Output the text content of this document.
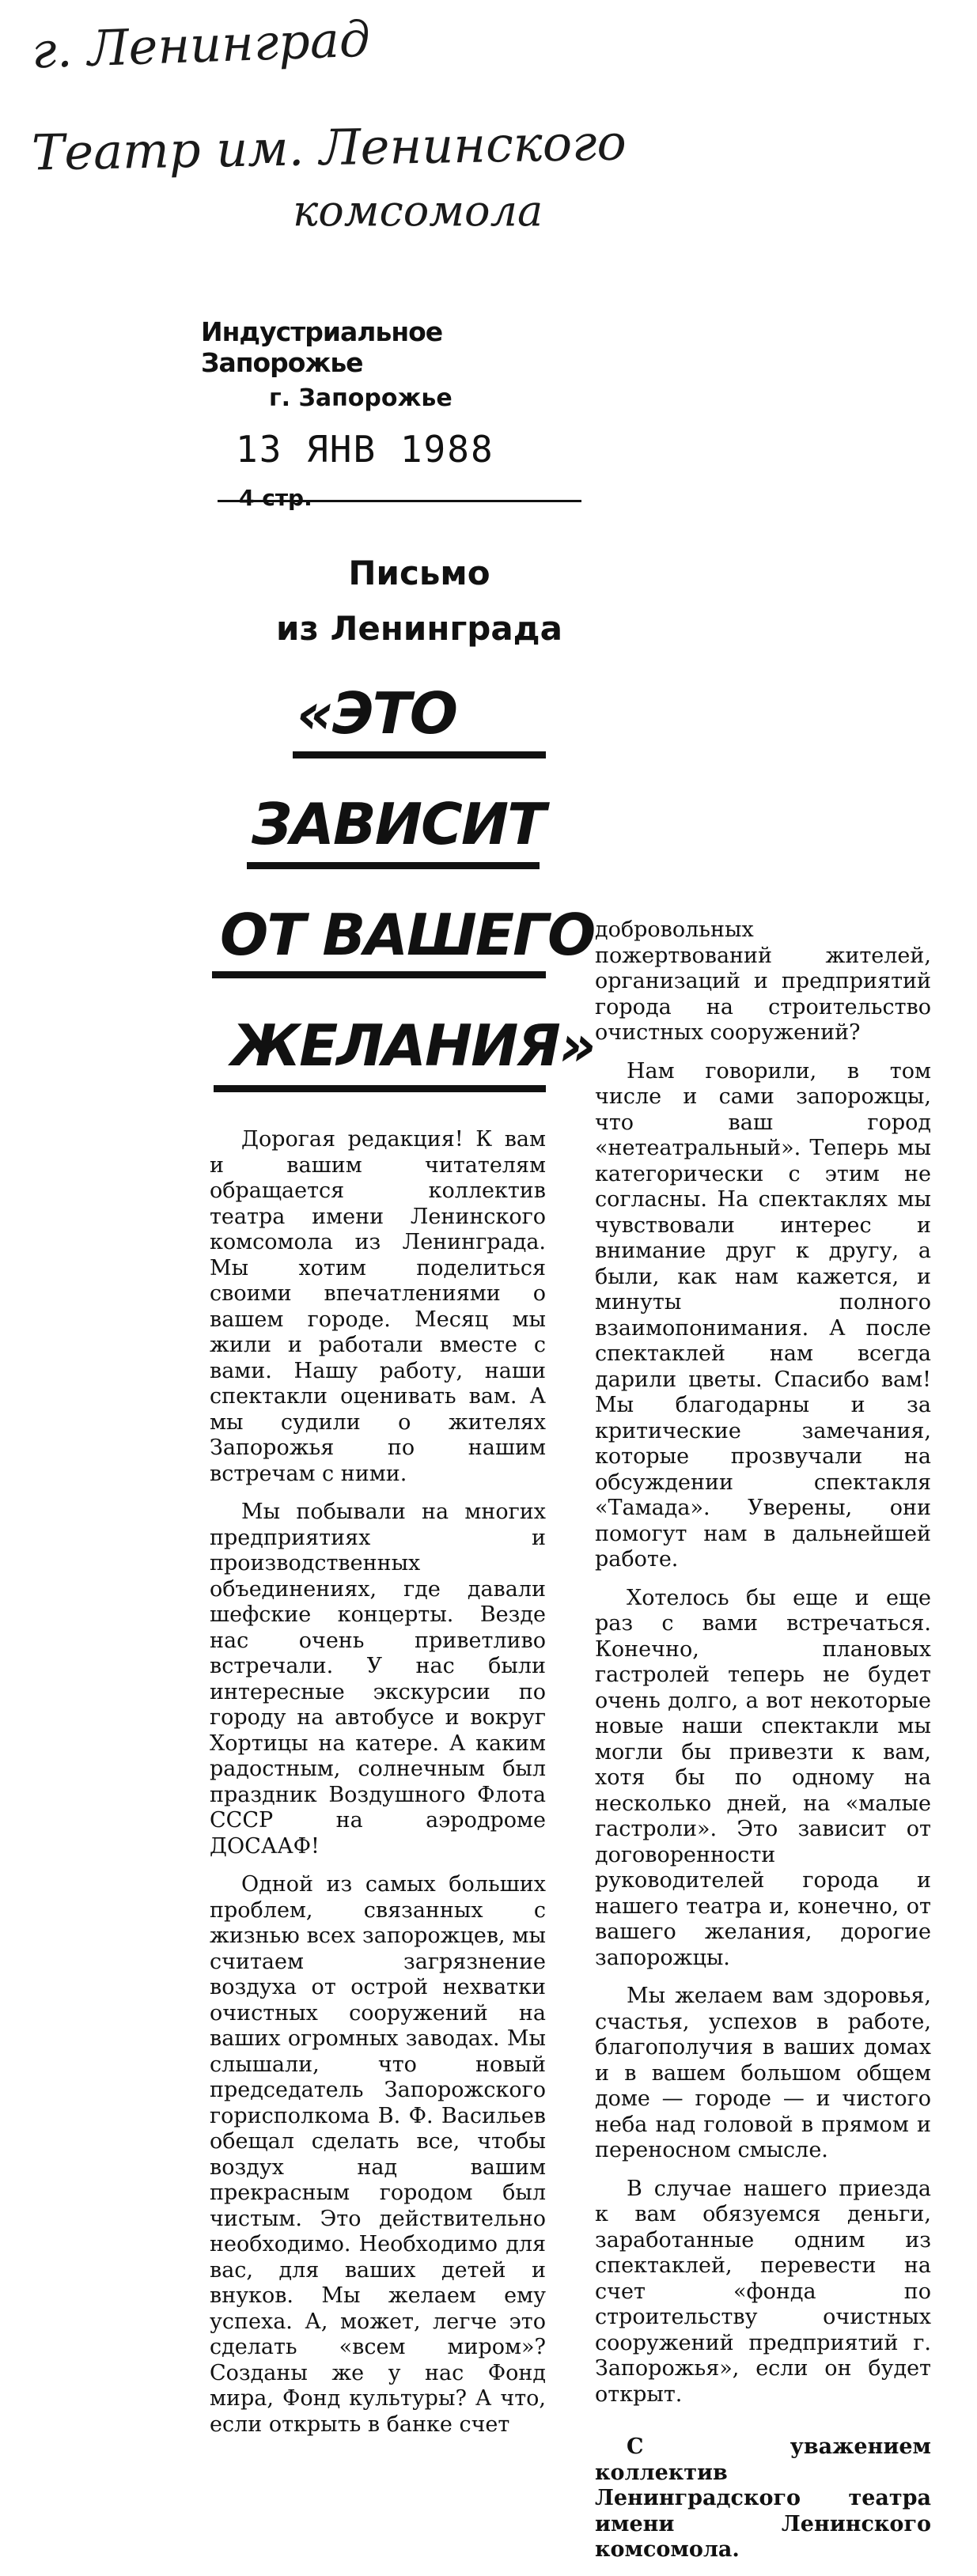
г. Ленинград
Театр им. Ленинского
комсомола
Индустриальное Запорожье
г. Запорожье
13 ЯНВ 1988
4 стр.
Письмо
из Ленинграда
«ЭТО
ЗАВИСИТ
ОТ ВАШЕГО
ЖЕЛАНИЯ»

Дорогая редакция! К вам и вашим читателям обращается коллектив театра имени Ленинского комсомола из Ленинграда. Мы хотим поделиться своими впечатлениями о вашем городе. Месяц мы жили и работали вместе с вами. Нашу работу, наши спектакли оценивать вам. А мы судили о жителях Запорожья по нашим встречам с ними.

Мы побывали на многих предприятиях и производственных объединениях, где давали шефские концерты. Везде нас очень приветливо встречали. У нас были интересные экскурсии по городу на автобусе и вокруг Хортицы на катере. А каким радостным, солнечным был праздник Воздушного Флота СССР на аэродроме ДОСААФ!

Одной из самых больших проблем, связанных с жизнью всех запорожцев, мы считаем загрязнение воздуха от острой нехватки очистных сооружений на ваших огромных заводах. Мы слышали, что новый председатель Запорожского горисполкома В. Ф. Васильев обещал сделать все, чтобы воздух над вашим прекрасным городом был чистым. Это действительно необходимо. Необходимо для вас, для ваших детей и внуков. Мы желаем ему успеха. А, может, легче это сделать «всем миром»? Созданы же у нас Фонд мира, Фонд культуры? А что, если открыть в банке счет

добровольных пожертвований жителей, организаций и предприятий города на строительство очистных сооружений?

Нам говорили, в том числе и сами запорожцы, что ваш город «нетеатральный». Теперь мы категорически с этим не согласны. На спектаклях мы чувствовали интерес и внимание друг к другу, а были, как нам кажется, и минуты полного взаимопонимания. А после спектаклей нам всегда дарили цветы. Спасибо вам! Мы благодарны и за критические замечания, которые прозвучали на обсуждении спектакля «Тамада». Уверены, они помогут нам в дальнейшей работе.

Хотелось бы еще и еще раз с вами встречаться. Конечно, плановых гастролей теперь не будет очень долго, а вот некоторые новые наши спектакли мы могли бы привезти к вам, хотя бы по одному на несколько дней, на «малые гастроли». Это зависит от договоренности руководителей города и нашего театра и, конечно, от вашего желания, дорогие запорожцы.

Мы желаем вам здоровья, счастья, успехов в работе, благополучия в ваших домах и в вашем большом общем доме — городе — и чистого неба над головой в прямом и переносном смысле.

В случае нашего приезда к вам обязуемся деньги, заработанные одним из спектаклей, перевести на счет «фонда по строительству очистных сооружений предприятий г. Запорожья», если он будет открыт.

С уважением коллектив Ленинградского театра имени Ленинского комсомола.
